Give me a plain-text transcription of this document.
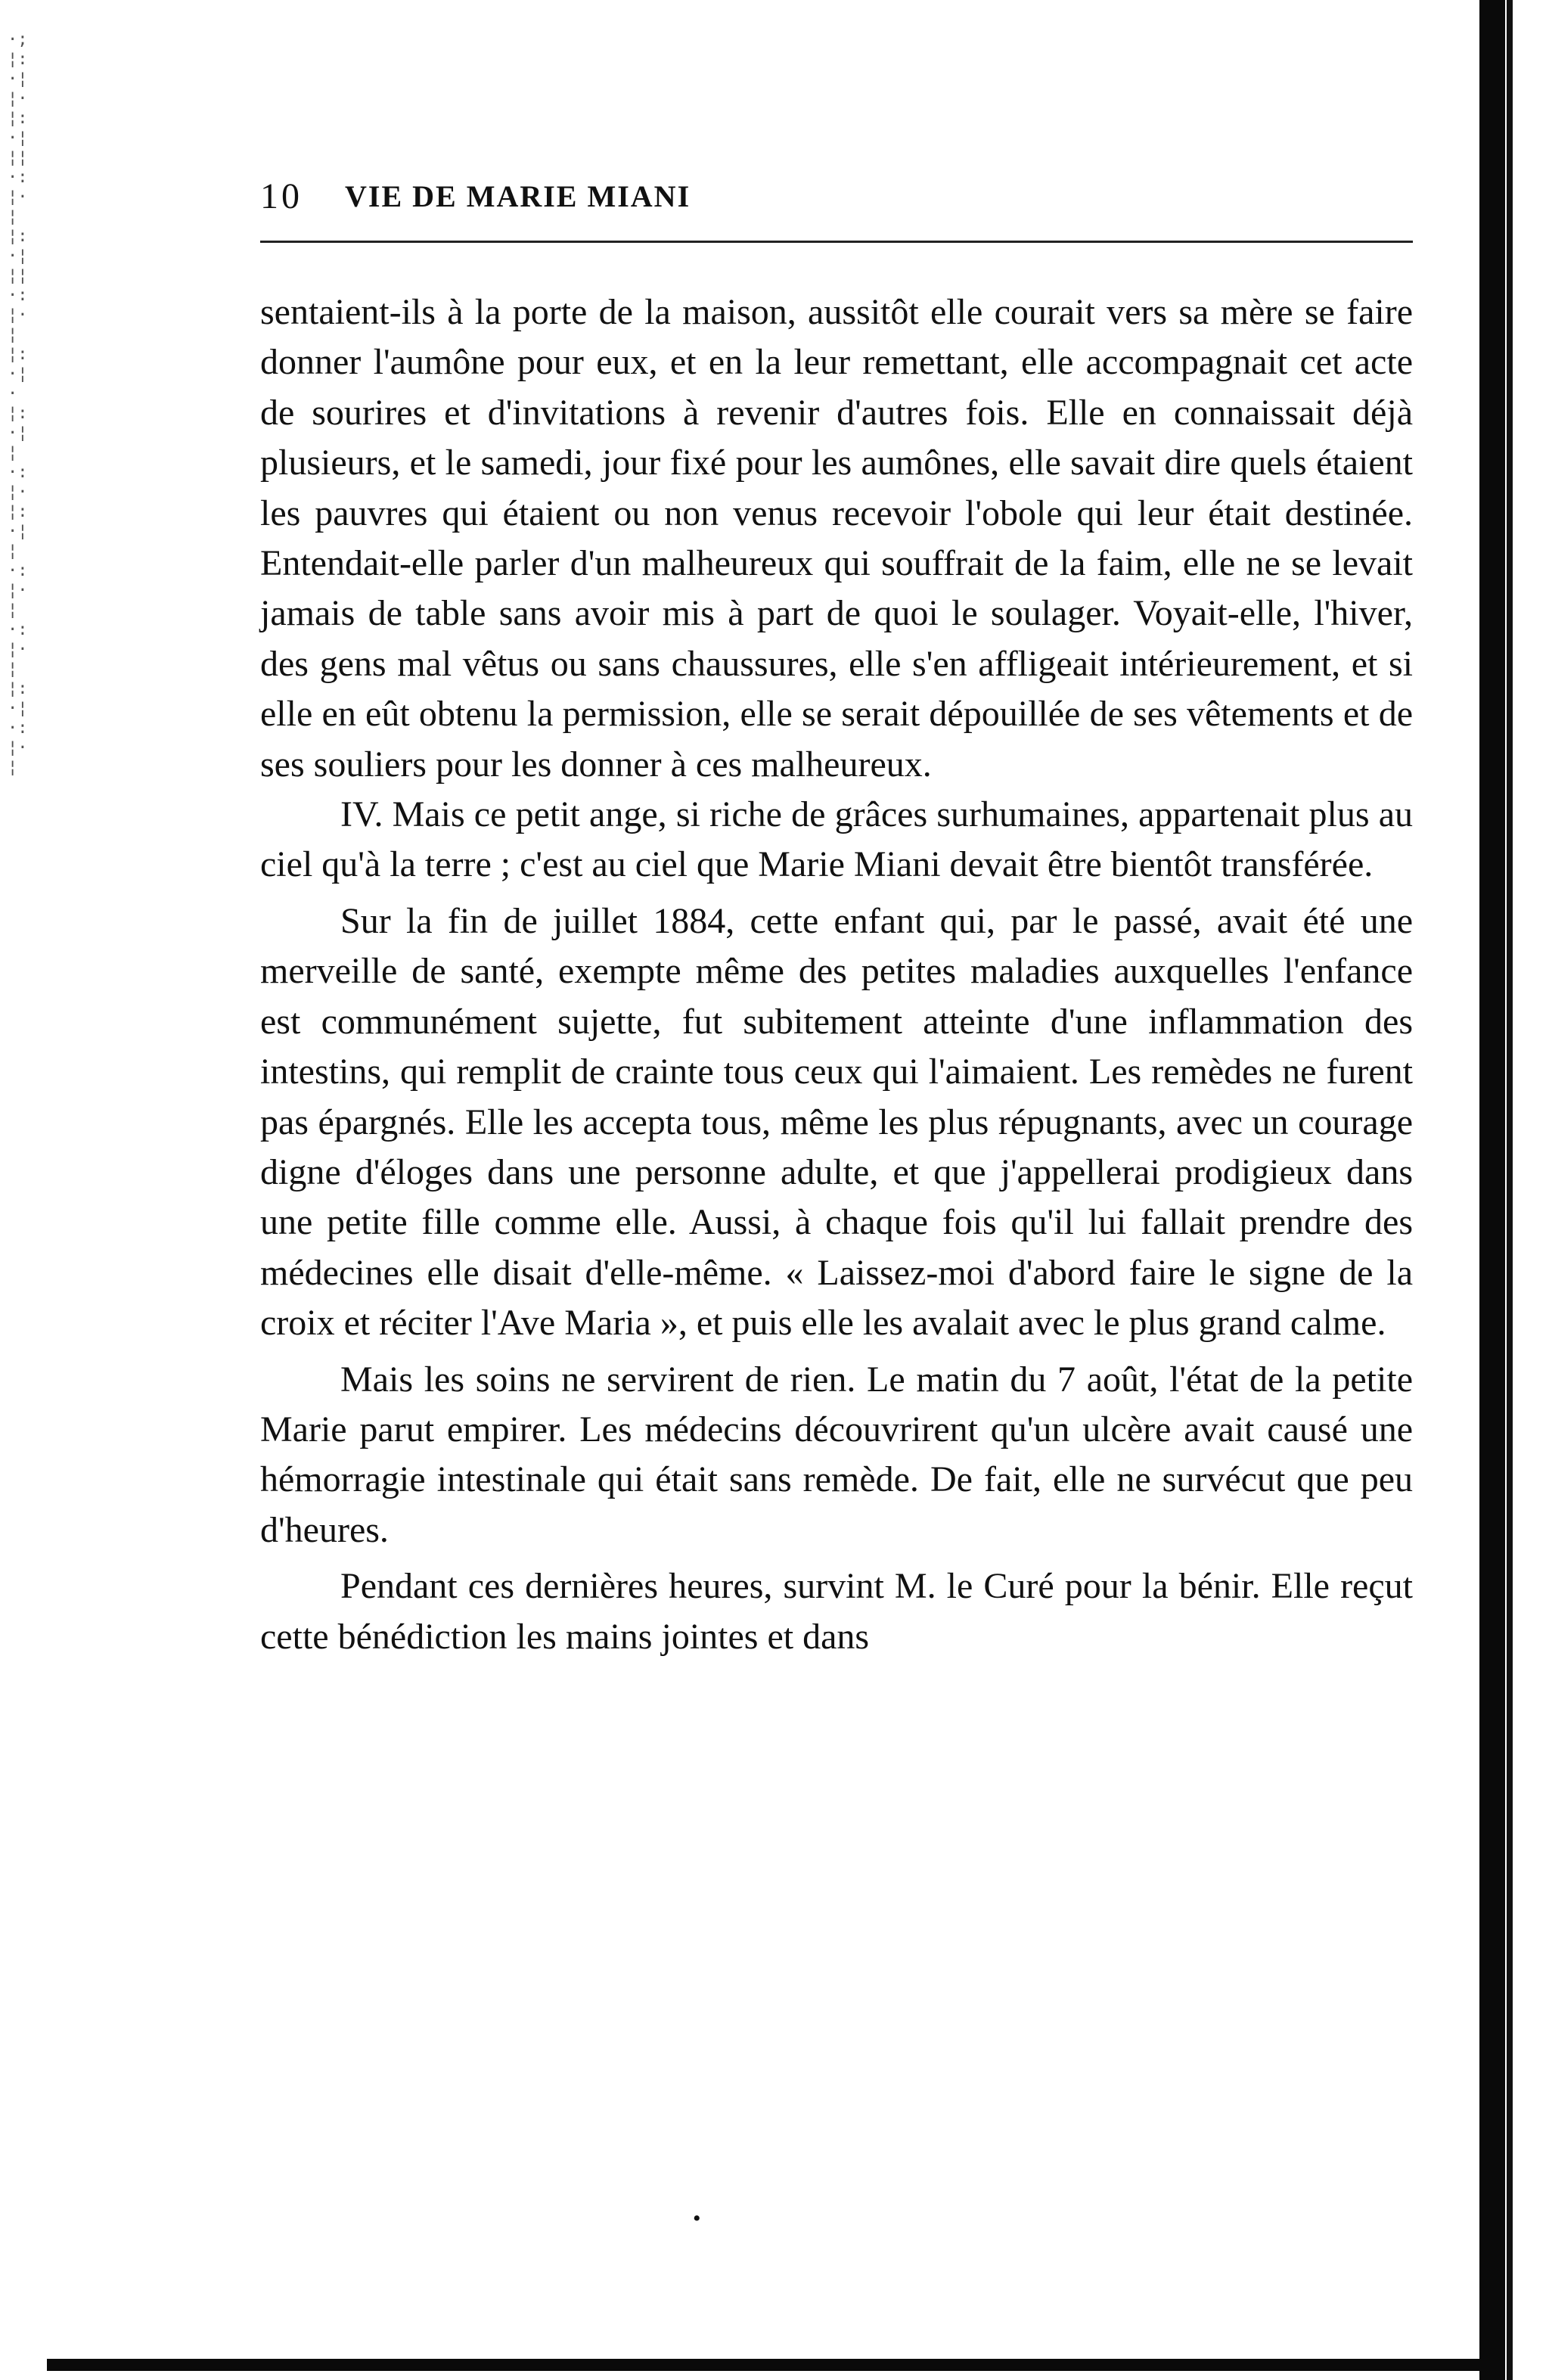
·;¦:·¦¦·¦:·¦¦¦·:¦·¦¦:·¦¦¦·:¦·¦¦:·¦·¦:·¦¦·:¦·¦:·¦¦·:¦·¦·:¦·¦¦:·¦·:¦·¦
10 VIE DE MARIE MIANI

sentaient-ils à la porte de la maison, aussitôt elle courait vers sa mère se faire donner l'aumône pour eux, et en la leur remettant, elle accompagnait cet acte de sourires et d'invitations à revenir d'autres fois. Elle en connaissait déjà plusieurs, et le samedi, jour fixé pour les aumônes, elle savait dire quels étaient les pauvres qui étaient ou non venus recevoir l'obole qui leur était destinée. Entendait-elle parler d'un malheureux qui souffrait de la faim, elle ne se levait jamais de table sans avoir mis à part de quoi le soulager. Voyait-elle, l'hiver, des gens mal vêtus ou sans chaussures, elle s'en affligeait intérieurement, et si elle en eût obtenu la permission, elle se serait dépouillée de ses vêtements et de ses souliers pour les donner à ces malheureux.

IV. Mais ce petit ange, si riche de grâces surhumaines, appartenait plus au ciel qu'à la terre ; c'est au ciel que Marie Miani devait être bientôt transférée.

Sur la fin de juillet 1884, cette enfant qui, par le passé, avait été une merveille de santé, exempte même des petites maladies auxquelles l'enfance est communément sujette, fut subitement atteinte d'une inflammation des intestins, qui remplit de crainte tous ceux qui l'aimaient. Les remèdes ne furent pas épargnés. Elle les accepta tous, même les plus répugnants, avec un courage digne d'éloges dans une personne adulte, et que j'appellerai prodigieux dans une petite fille comme elle. Aussi, à chaque fois qu'il lui fallait prendre des médecines elle disait d'elle-même. « Laissez-moi d'abord faire le signe de la croix et réciter l'Ave Maria », et puis elle les avalait avec le plus grand calme.

Mais les soins ne servirent de rien. Le matin du 7 août, l'état de la petite Marie parut empirer. Les médecins découvrirent qu'un ulcère avait causé une hémorragie intestinale qui était sans remède. De fait, elle ne survécut que peu d'heures.

Pendant ces dernières heures, survint M. le Curé pour la bénir. Elle reçut cette bénédiction les mains jointes et dans

•
